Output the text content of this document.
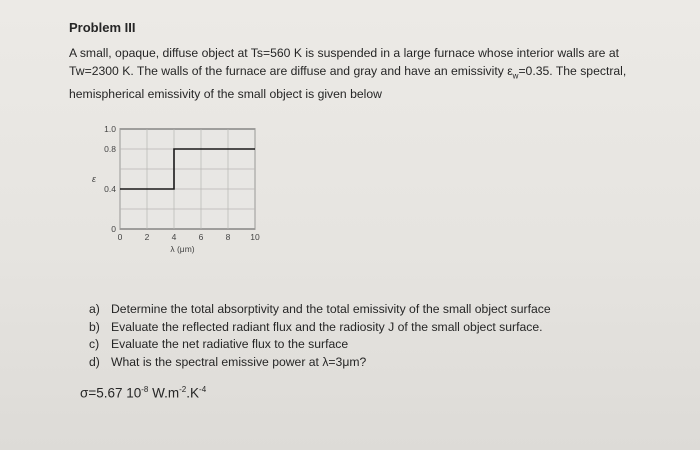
Problem III
A small, opaque, diffuse object at Ts=560 K is suspended in a large furnace whose interior walls are at
Tw=2300 K. The walls of the furnace are diffuse and gray and have an emissivity $\varepsilon_w=0.35$. The spectral,
hemispherical emissivity of the small object is given below
0	2	4	6	8 10
0
0.4
0.8
1.0
λ (μm)
ε
a) Determine the total absorptivity and the total emissivity of the small object surface
b) Evaluate the reflected radiant flux and the radiosity J of the small object surface.
c) Evaluate the net radiative flux to the surface
d) What is the spectral emissive power at λ=3μm?
σ=5.67 $10^{-8}$ $W.m^{-2}.K^{-4}$
